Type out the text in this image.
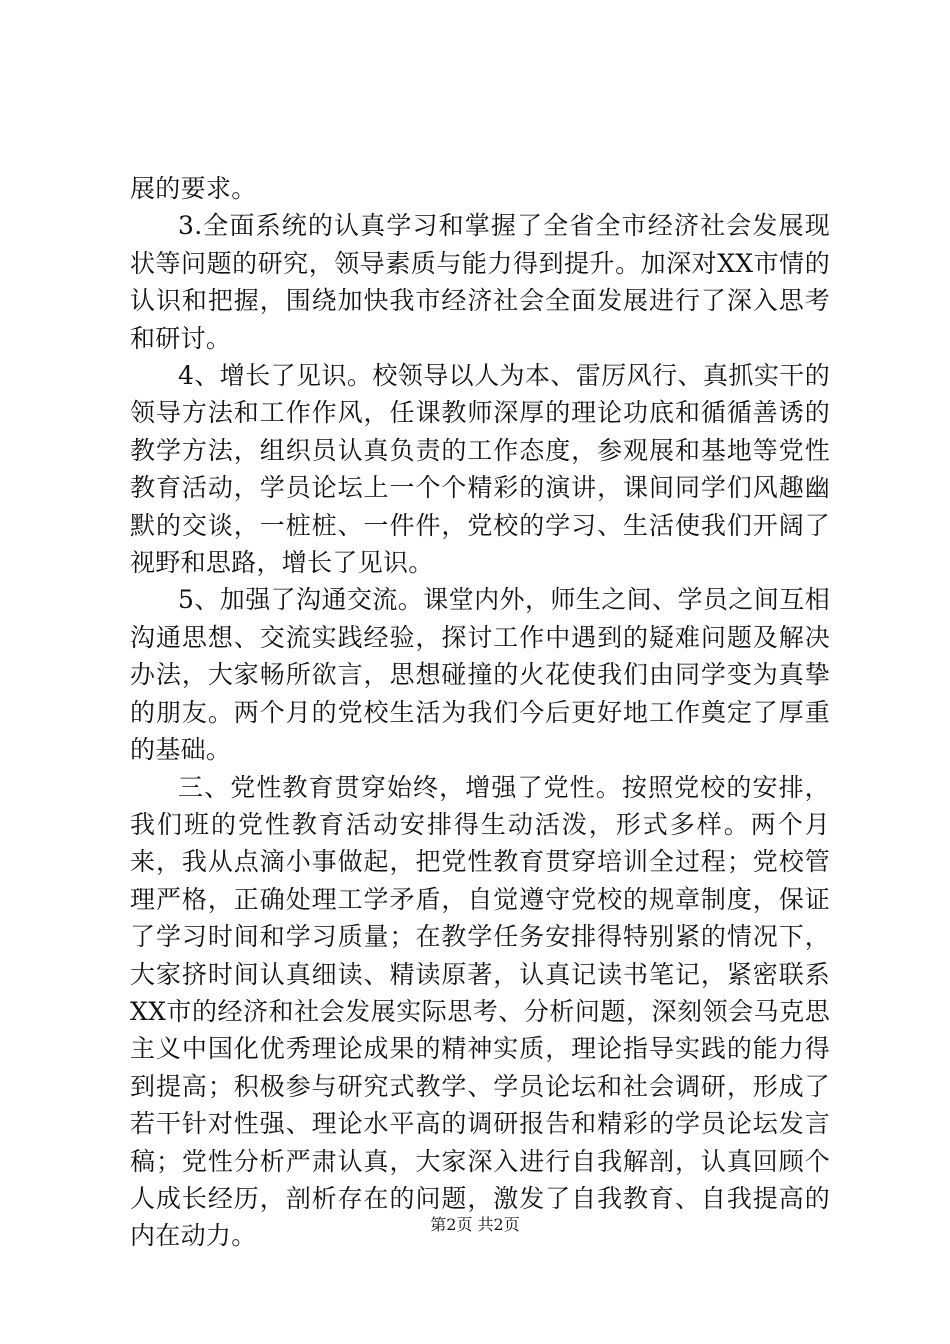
展的要求。

3.全面系统的认真学习和掌握了全省全市经济社会发展现状等问题的研究，领导素质与能力得到提升。加深对XX市情的认识和把握，围绕加快我市经济社会全面发展进行了深入思考和研讨。

4、增长了见识。校领导以人为本、雷厉风行、真抓实干的领导方法和工作作风，任课教师深厚的理论功底和循循善诱的教学方法，组织员认真负责的工作态度，参观展和基地等党性教育活动，学员论坛上一个个精彩的演讲，课间同学们风趣幽默的交谈，一桩桩、一件件，党校的学习、生活使我们开阔了视野和思路，增长了见识。

5、加强了沟通交流。课堂内外，师生之间、学员之间互相沟通思想、交流实践经验，探讨工作中遇到的疑难问题及解决办法，大家畅所欲言，思想碰撞的火花使我们由同学变为真挚的朋友。两个月的党校生活为我们今后更好地工作奠定了厚重的基础。

三、党性教育贯穿始终，增强了党性。按照党校的安排，我们班的党性教育活动安排得生动活泼，形式多样。两个月来，我从点滴小事做起，把党性教育贯穿培训全过程；党校管理严格，正确处理工学矛盾，自觉遵守党校的规章制度，保证了学习时间和学习质量；在教学任务安排得特别紧的情况下，大家挤时间认真细读、精读原著，认真记读书笔记，紧密联系XX市的经济和社会发展实际思考、分析问题，深刻领会马克思主义中国化优秀理论成果的精神实质，理论指导实践的能力得到提高；积极参与研究式教学、学员论坛和社会调研，形成了若干针对性强、理论水平高的调研报告和精彩的学员论坛发言稿；党性分析严肃认真，大家深入进行自我解剖，认真回顾个人成长经历，剖析存在的问题，激发了自我教育、自我提高的内在动力。	第2页 共2页
